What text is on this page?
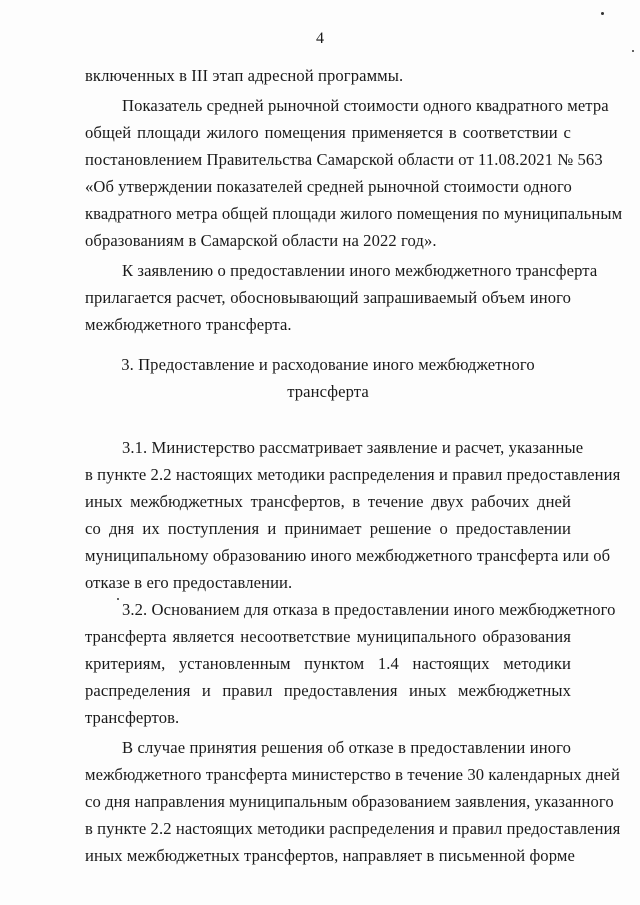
4
включенных в III этап адресной программы.
Показатель средней рыночной стоимости одного квадратного метра
общей площади жилого помещения применяется в соответствии с
постановлением Правительства Самарской области от 11.08.2021 № 563
«Об утверждении показателей средней рыночной стоимости одного
квадратного метра общей площади жилого помещения по муниципальным
образованиям в Самарской области на 2022 год».
К заявлению о предоставлении иного межбюджетного трансферта
прилагается расчет, обосновывающий запрашиваемый объем иного
межбюджетного трансферта.
3. Предоставление и расходование иного межбюджетного
трансферта
3.1. Министерство рассматривает заявление и расчет, указанные
в пункте 2.2 настоящих методики распределения и правил предоставления
иных межбюджетных трансфертов, в течение двух рабочих дней
со дня их поступления и принимает решение о предоставлении
муниципальному образованию иного межбюджетного трансферта или об
отказе в его предоставлении.
3.2. Основанием для отказа в предоставлении иного межбюджетного
трансферта является несоответствие муниципального образования
критериям, установленным пунктом 1.4 настоящих методики
распределения и правил предоставления иных межбюджетных
трансфертов.
В случае принятия решения об отказе в предоставлении иного
межбюджетного трансферта министерство в течение 30 календарных дней
со дня направления муниципальным образованием заявления, указанного
в пункте 2.2 настоящих методики распределения и правил предоставления
иных межбюджетных трансфертов, направляет в письменной форме
